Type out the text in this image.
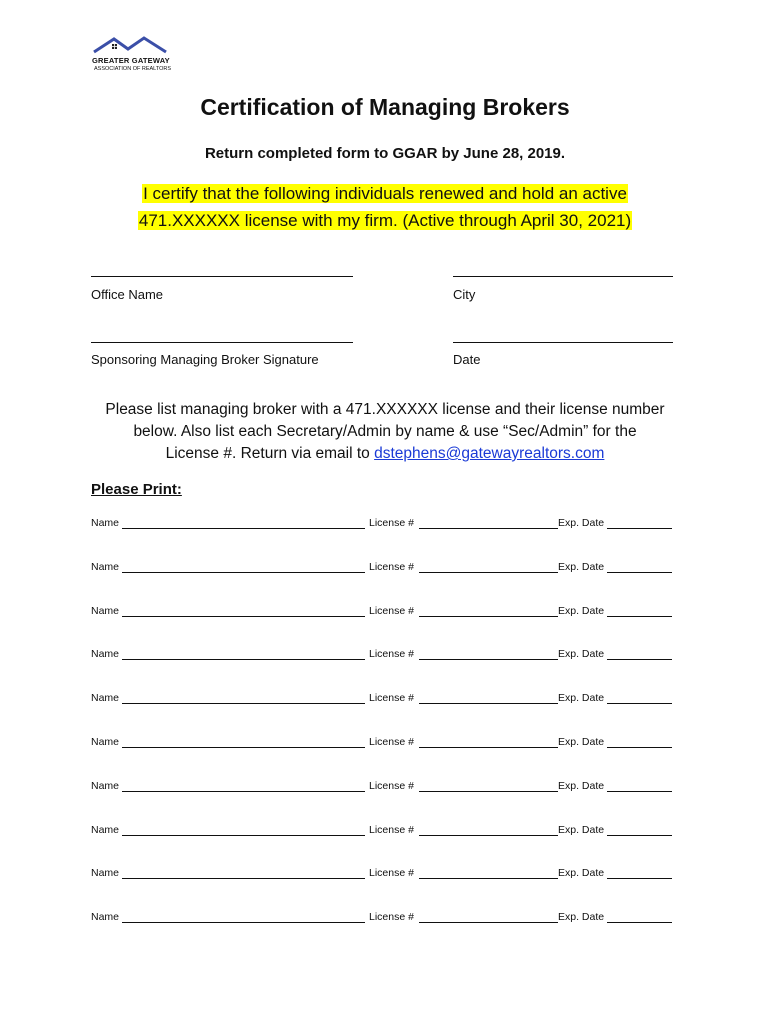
GREATER GATEWAY
ASSOCIATION OF REALTORS
Certification of Managing Brokers
Return completed form to GGAR by June 28, 2019.
I certify that the following individuals renewed and hold an active
471.XXXXXX license with my firm. (Active through April 30, 2021)
Office Name	City
Sponsoring Managing Broker Signature	Date
Please list managing broker with a 471.XXXXXX license and their license number
below. Also list each Secretary/Admin by name & use “Sec/Admin” for the
License #. Return via email to dstephens@gatewayrealtors.com
Please Print:
Name	License #	Exp. Date
Name	License #	Exp. Date
Name	License #	Exp. Date
Name	License #	Exp. Date
Name	License #	Exp. Date
Name	License #	Exp. Date
Name	License #	Exp. Date
Name	License #	Exp. Date
Name	License #	Exp. Date
Name	License #	Exp. Date
